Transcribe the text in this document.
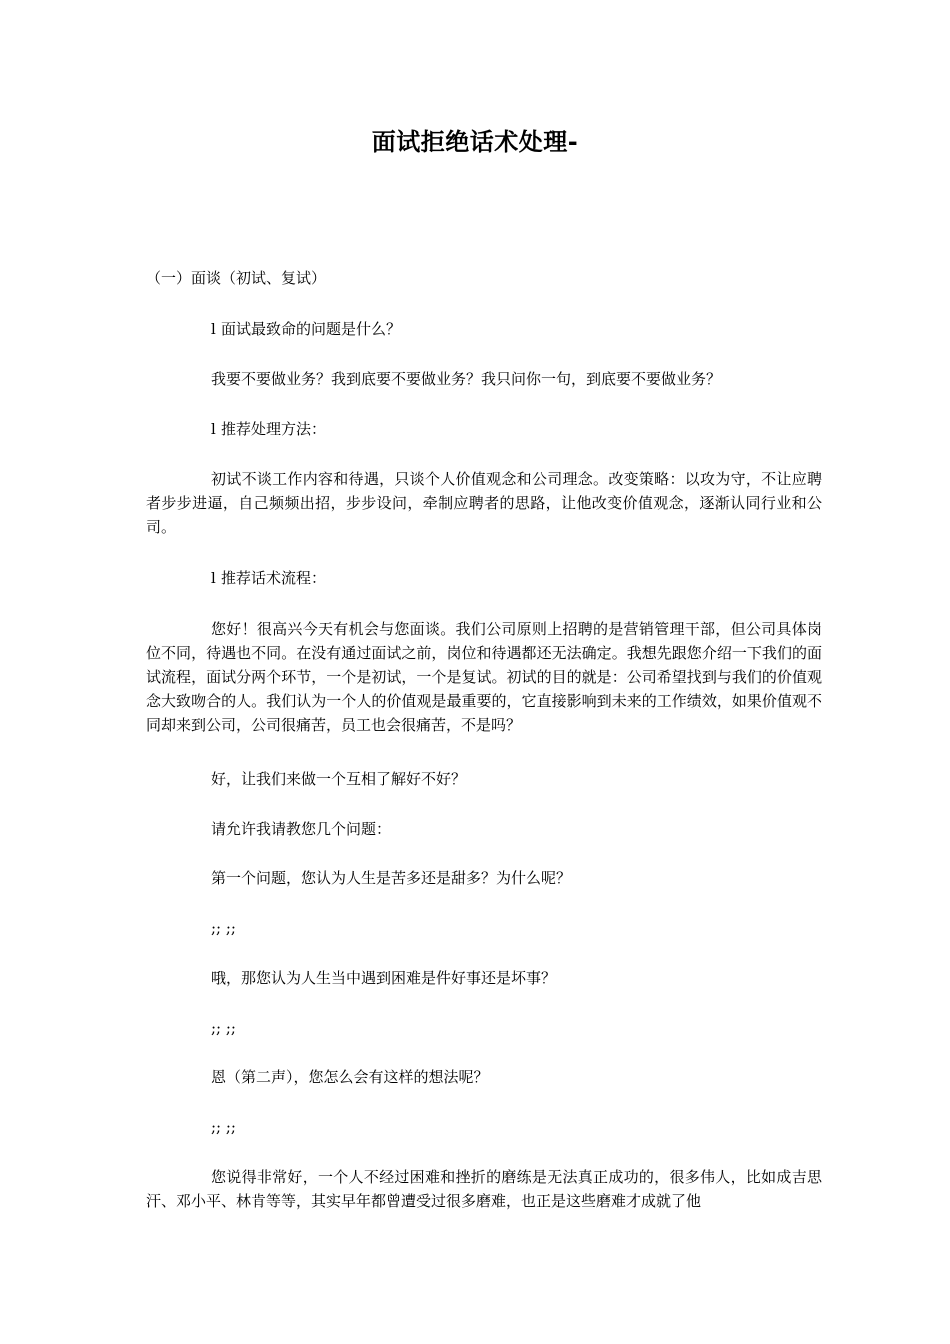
面试拒绝话术处理-
（一）面谈（初试、复试）
l 面试最致命的问题是什么？
我要不要做业务？我到底要不要做业务？我只问你一句，到底要不要做业务？
l 推荐处理方法：
初试不谈工作内容和待遇，只谈个人价值观念和公司理念。改变策略：以攻为守，不让应聘者步步进逼，自己频频出招，步步设问，牵制应聘者的思路，让他改变价值观念，逐渐认同行业和公司。
l 推荐话术流程：
您好！很高兴今天有机会与您面谈。我们公司原则上招聘的是营销管理干部，但公司具体岗位不同，待遇也不同。在没有通过面试之前，岗位和待遇都还无法确定。我想先跟您介绍一下我们的面试流程，面试分两个环节，一个是初试，一个是复试。初试的目的就是：公司希望找到与我们的价值观念大致吻合的人。我们认为一个人的价值观是最重要的，它直接影响到未来的工作绩效，如果价值观不同却来到公司，公司很痛苦，员工也会很痛苦，不是吗？
好，让我们来做一个互相了解好不好？
请允许我请教您几个问题：
第一个问题，您认为人生是苦多还是甜多？为什么呢？
;; ;;
哦，那您认为人生当中遇到困难是件好事还是坏事？
;; ;;
恩（第二声），您怎么会有这样的想法呢？
;; ;;
您说得非常好，一个人不经过困难和挫折的磨练是无法真正成功的，很多伟人，比如成吉思汗、邓小平、林肯等等，其实早年都曾遭受过很多磨难，也正是这些磨难才成就了他
